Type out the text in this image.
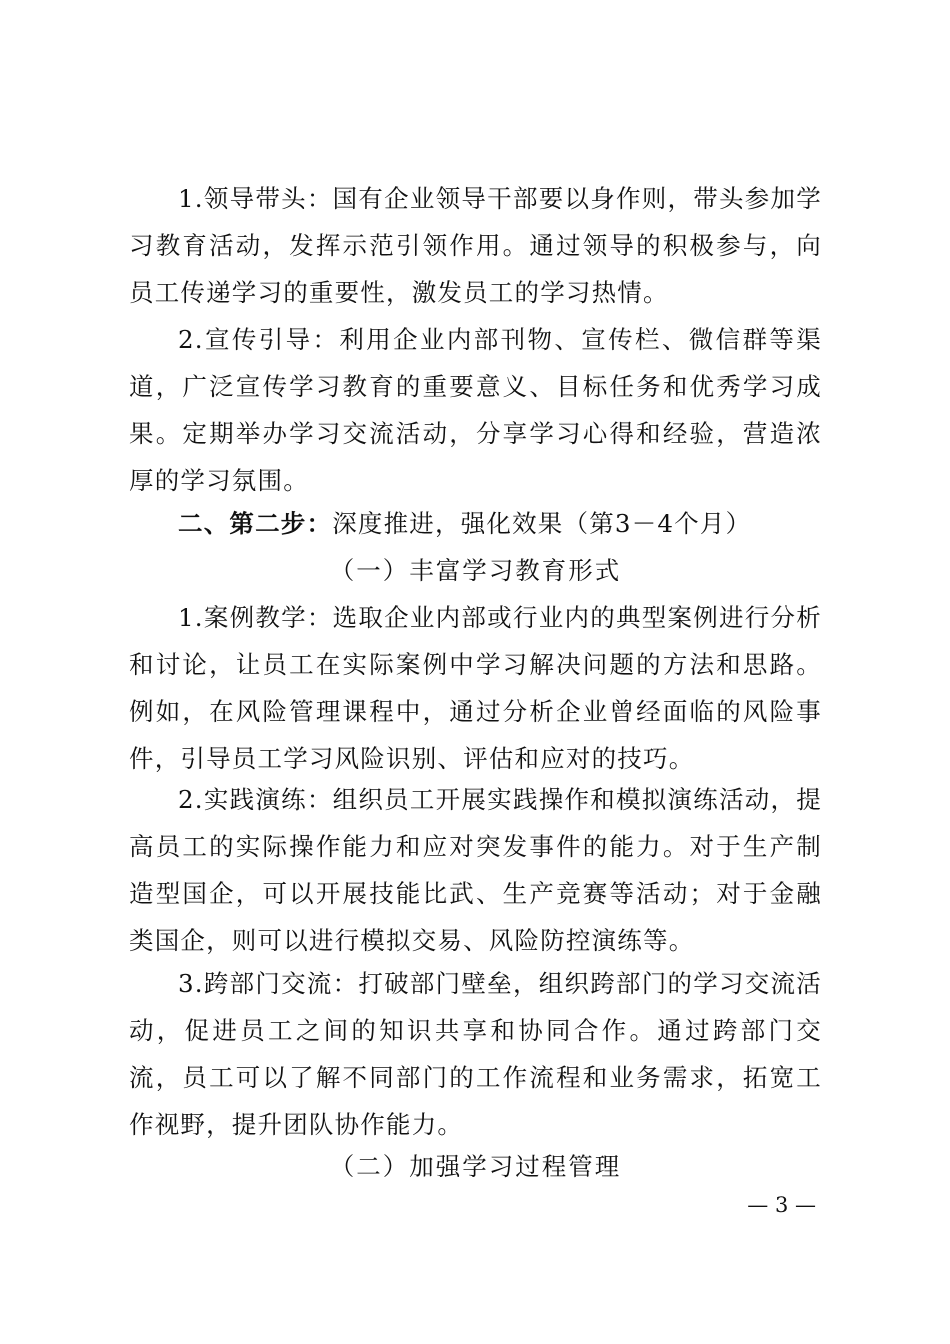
1.领导带头：国有企业领导干部要以身作则，带头参加学习教育活动，发挥示范引领作用。通过领导的积极参与，向员工传递学习的重要性，激发员工的学习热情。

2.宣传引导：利用企业内部刊物、宣传栏、微信群等渠道，广泛宣传学习教育的重要意义、目标任务和优秀学习成果。定期举办学习交流活动，分享学习心得和经验，营造浓厚的学习氛围。

二、第二步：深度推进，强化效果（第3－4个月）

（一）丰富学习教育形式

1.案例教学：选取企业内部或行业内的典型案例进行分析和讨论，让员工在实际案例中学习解决问题的方法和思路。例如，在风险管理课程中，通过分析企业曾经面临的风险事件，引导员工学习风险识别、评估和应对的技巧。

2.实践演练：组织员工开展实践操作和模拟演练活动，提高员工的实际操作能力和应对突发事件的能力。对于生产制造型国企，可以开展技能比武、生产竞赛等活动；对于金融类国企，则可以进行模拟交易、风险防控演练等。

3.跨部门交流：打破部门壁垒，组织跨部门的学习交流活动，促进员工之间的知识共享和协同合作。通过跨部门交流，员工可以了解不同部门的工作流程和业务需求，拓宽工作视野，提升团队协作能力。

（二）加强学习过程管理

— 3 —
